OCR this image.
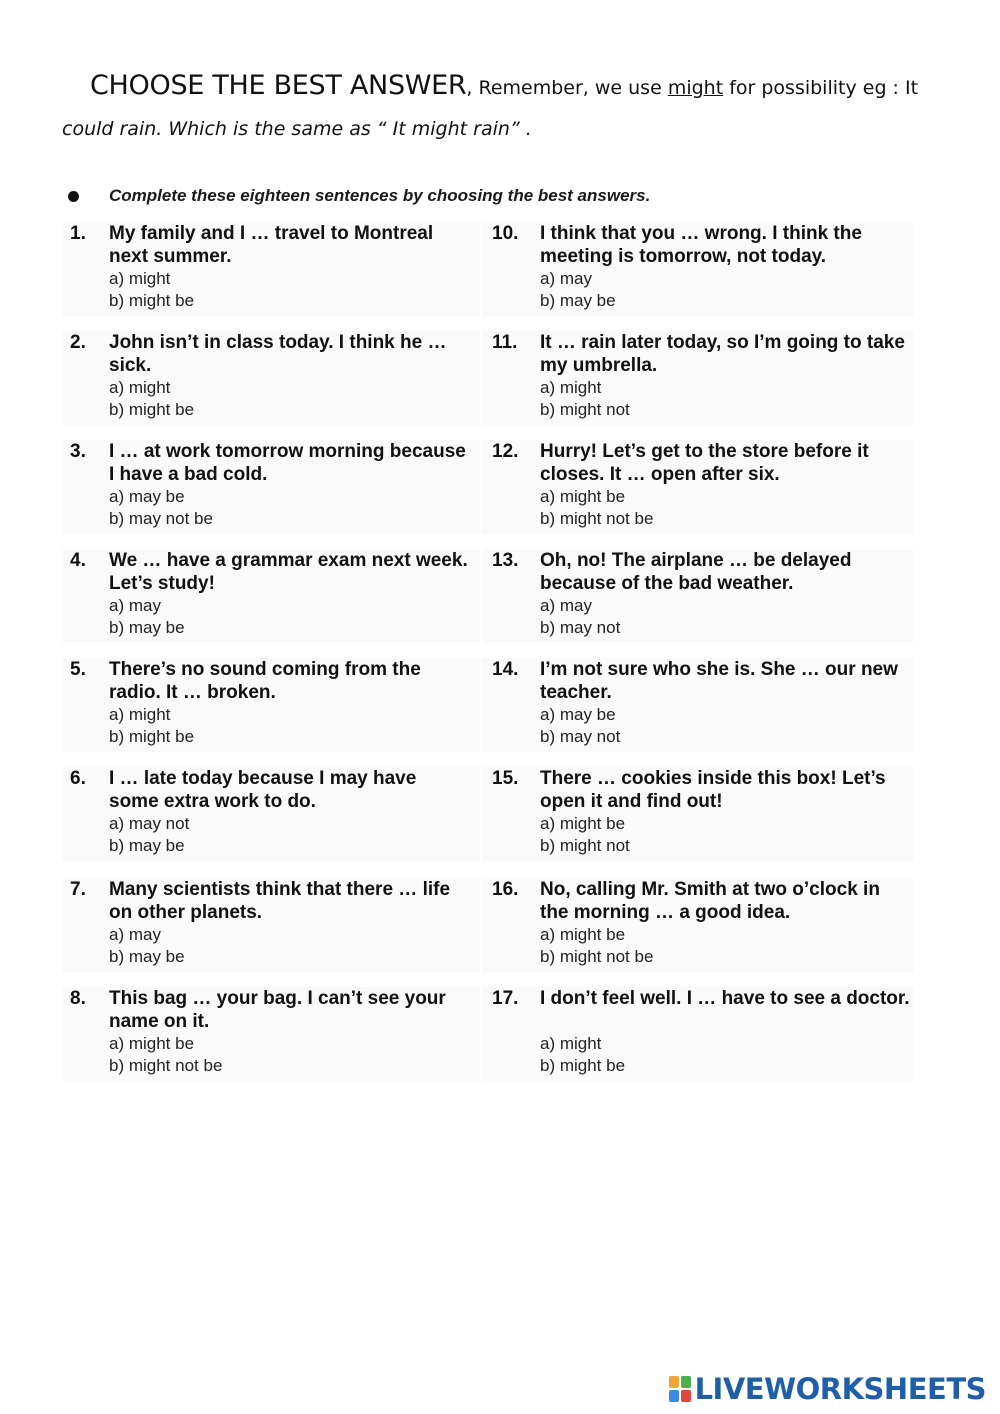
CHOOSE THE BEST ANSWER, Remember, we use might for possibility eg : It
could rain. Which is the same as “ It might rain” .
Complete these eighteen sentences by choosing the best answers.
1.	My family and I … travel to Montreal next summer.
a) might
b) might be
2.	John isn’t in class today. I think he … sick.
a) might
b) might be
3.	I … at work tomorrow morning because I have a bad cold.
a) may be
b) may not be
4.	We … have a grammar exam next week. Let’s study!
a) may
b) may be
5.	There’s no sound coming from the radio. It … broken.
a) might
b) might be
6.	I … late today because I may have some extra work to do.
a) may not
b) may be
7.	Many scientists think that there … life on other planets.
a) may
b) may be
8.	This bag … your bag. I can’t see your name on it.
a) might be
b) might not be
10.	I think that you … wrong. I think the meeting is tomorrow, not today.
a) may
b) may be
11.	It … rain later today, so I’m going to take my umbrella.
a) might
b) might not
12.	Hurry! Let’s get to the store before it closes. It … open after six.
a) might be
b) might not be
13.	Oh, no! The airplane … be delayed because of the bad weather.
a) may
b) may not
14.	I’m not sure who she is. She … our new teacher.
a) may be
b) may not
15.	There … cookies inside this box! Let’s open it and find out!
a) might be
b) might not
16.	No, calling Mr. Smith at two o’clock in the morning … a good idea.
a) might be
b) might not be
17.	I don’t feel well. I … have to see a doctor.
a) might
b) might be
LIVEWORKSHEETS
